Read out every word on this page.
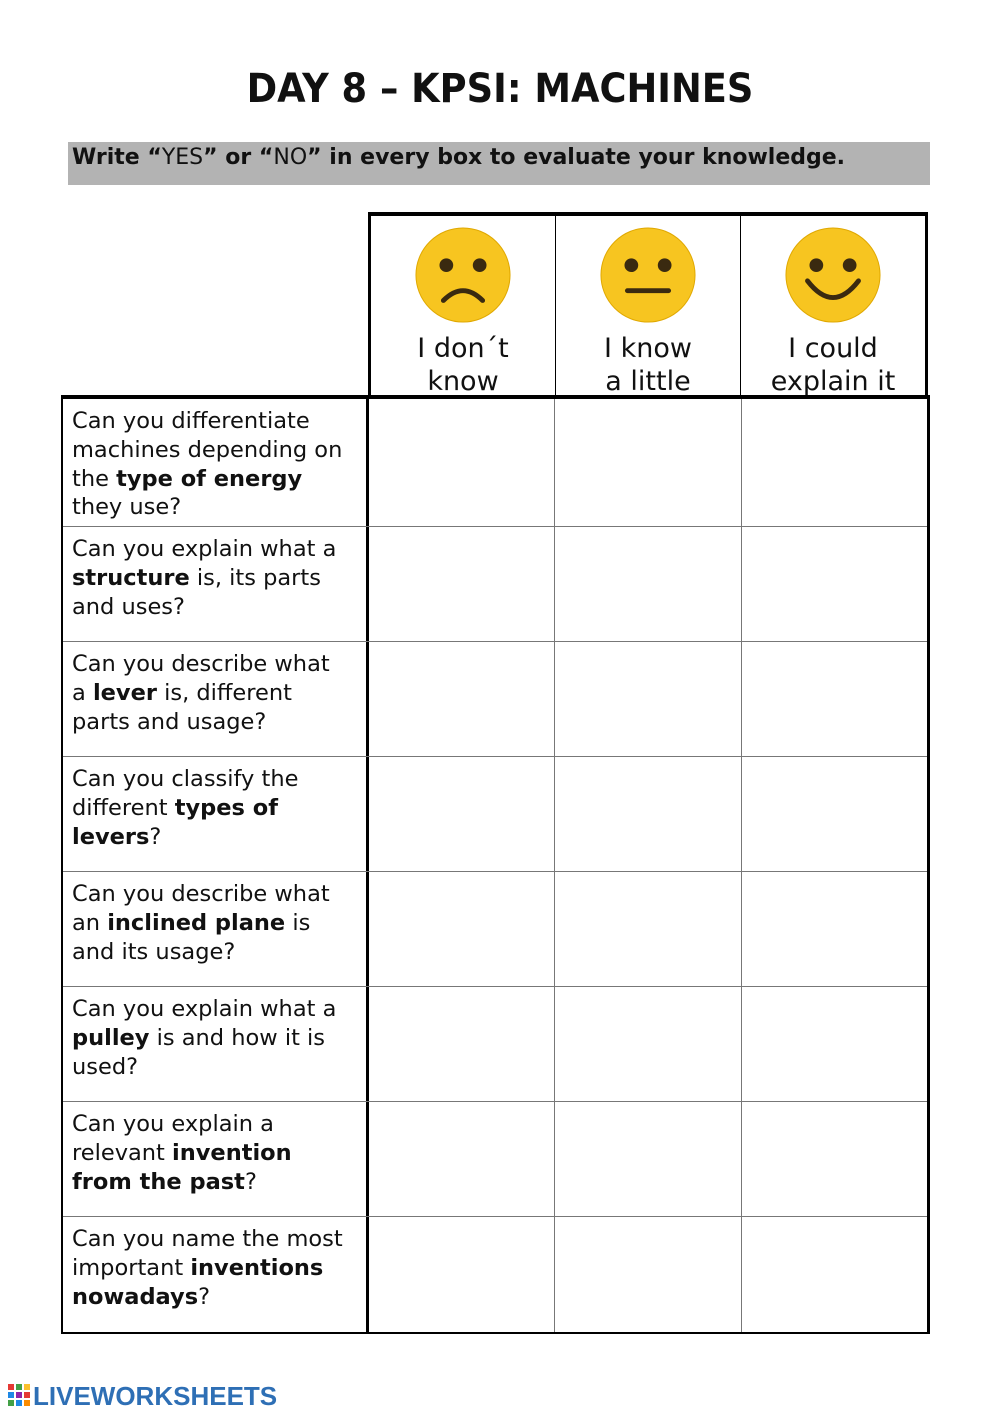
DAY 8 – KPSI: MACHINES
Write “YES” or “NO” in every box to evaluate your knowledge.
I don´t
know
I know
a little
I could
explain it
Can you differentiate
machines depending on
the type of energy
they use?
Can you explain what a
structure is, its parts
and uses?
Can you describe what
a lever is, different
parts and usage?
Can you classify the
different types of
levers?
Can you describe what
an inclined plane is
and its usage?
Can you explain what a
pulley is and how it is
used?
Can you explain a
relevant invention
from the past?
Can you name the most
important inventions
nowadays?
LIVEWORKSHEETS
